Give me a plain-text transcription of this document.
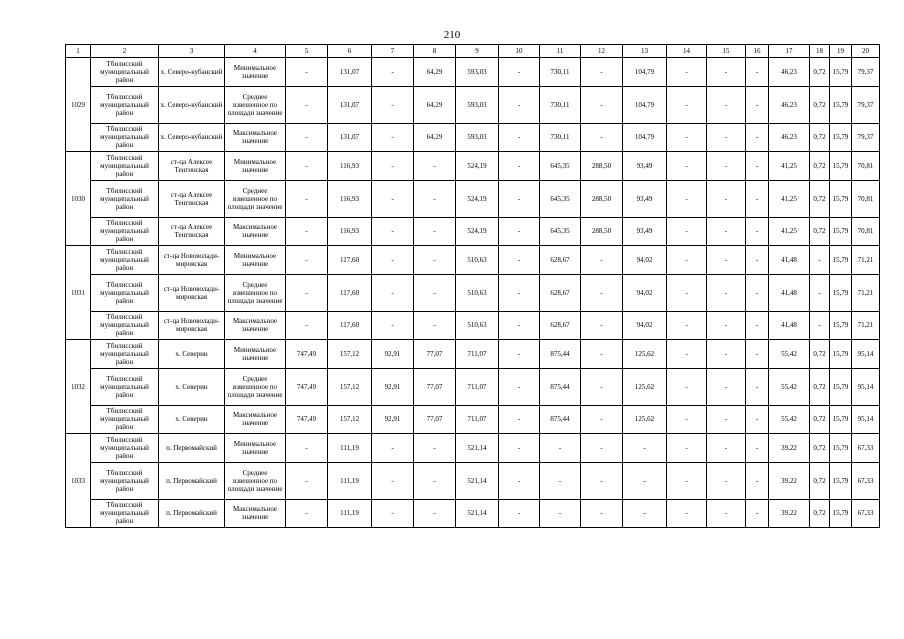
210
1	2	3	4	5	6	7	8	9	10	11	12	13	14	15	16	17	18	19	20
1029	Тбилисский муниципальный район	х. Северо-кубанский	Минимальное значение	-	131,07	-	64,29	593,03	-	730,11	-	104,79	-	-	-	46,23	0,72	15,79	79,37
	Тбилисский муниципальный район	х. Северо-кубанский	Среднее взвешенное по площади значение	-	131,07	-	64,29	593,03	-	730,11	-	104,79	-	-	-	46,23	0,72	15,79	79,37
	Тбилисский муниципальный район	х. Северо-кубанский	Максимальное значение	-	131,07	-	64,29	593,03	-	730,11	-	104,79	-	-	-	46,23	0,72	15,79	79,37
1030	Тбилисский муниципальный район	ст-ца Алексее Тенгинская	Минимальное значение	-	116,93	-	-	524,19	-	645,35	288,50	93,49	-	-	-	41,25	0,72	15,79	70,81
	Тбилисский муниципальный район	ст-ца Алексее Тенгинская	Среднее взвешенное по площади значение	-	116,93	-	-	524,19	-	645,35	288,50	93,49	-	-	-	41,25	0,72	15,79	70,81
	Тбилисский муниципальный район	ст-ца Алексее Тенгинская	Максимальное значение	-	116,93	-	-	524,19	-	645,35	288,50	93,49	-	-	-	41,25	0,72	15,79	70,81
1031	Тбилисский муниципальный район	ст-ца Нововолади-мировская	Минимальное значение	-	117,60	-	-	510,63	-	628,67	-	94,02	-	-	-	41,48	-	15,79	71,21
	Тбилисский муниципальный район	ст-ца Нововолади-мировская	Среднее взвешенное по площади значение	-	117,60	-	-	510,63	-	628,67	-	94,02	-	-	-	41,48	-	15,79	71,21
	Тбилисский муниципальный район	ст-ца Нововолади-мировская	Максимальное значение	-	117,60	-	-	510,63	-	628,67	-	94,02	-	-	-	41,48	-	15,79	71,21
1032	Тбилисский муниципальный район	х. Северин	Минимальное значение	747,49	157,12	92,91	77,07	711,07	-	875,44	-	125,62	-	-	-	55,42	0,72	15,79	95,14
	Тбилисский муниципальный район	х. Северин	Среднее взвешенное по площади значение	747,49	157,12	92,91	77,07	711,07	-	875,44	-	125,62	-	-	-	55,42	0,72	15,79	95,14
	Тбилисский муниципальный район	х. Северин	Максимальное значение	747,49	157,12	92,91	77,07	711,07	-	875,44	-	125,62	-	-	-	55,42	0,72	15,79	95,14
1033	Тбилисский муниципальный район	п. Первомайский	Минимальное значение	-	111,19	-	-	521,14	-	-	-	-	-	-	-	39,22	0,72	15,79	67,33
	Тбилисский муниципальный район	п. Первомайский	Среднее взвешенное по площади значение	-	111,19	-	-	521,14	-	-	-	-	-	-	-	39,22	0,72	15,79	67,33
	Тбилисский муниципальный район	п. Первомайский	Максимальное значение	-	111,19	-	-	521,14	-	-	-	-	-	-	-	39,22	0,72	15,79	67,33
